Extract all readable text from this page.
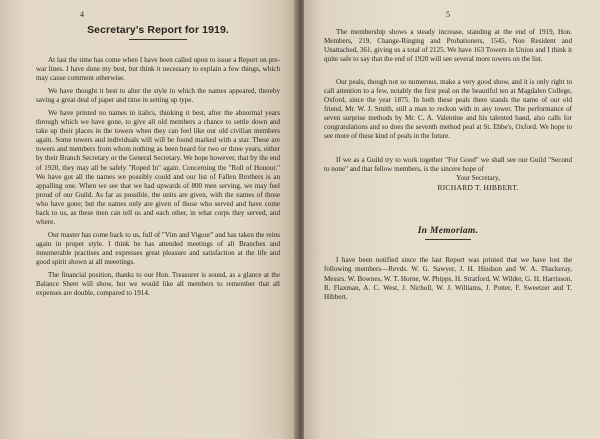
4
Secretary's Report for 1919.

At last the time has come when I have been called upon to issue a Report on pre-war lines. I have done my best, but think it necessary to explain a few things, which may cause comment otherwise.

We have thought it best to alter the style in which the names appeared, thereby saving a great deal of paper and time in setting up type.

We have printed no names in italics, thinking it best, after the abnormal years through which we have gone, to give all old members a chance to settle down and take up their places in the towers when they can feel like our old civilian members again. Some towers and individuals will will be found marked with a star. These are towers and members from whom nothing as been heard for two or three years, either by their Branch Secretary or the General Secretary. We hope however, that by the end of 1920, they may all be safely "Roped In" again. Concerning the "Roll of Honour." We have got all the names we possibly could and our list of Fallen Brothers is an appalling one. When we see that we had upwards of 800 men serving, we may feel proud of our Guild. As far as possible, the units are given, with the names of those who have gone; but the names only are given of those who served and have come back to us, as these men can tell us and each other, in what corps they served, and where.

Our master has come back to us, full of "Vim and Vigour" and has taken the reins again in proper style. I think he has attended meetings of all Branches and innumerable practises and expresses great pleasure and satisfaction at the life and good spirit shown at all meeetings.

The financial position, thanks to our Hon. Treasurer is sound, as a glance at the Balance Sheet will show, but we would like all members to remember that all expenses are double, compared to 1914.

5

The membership shows a steady increase, standing at the end of 1919, Hon. Members, 219, Change-Ringing and Probationers, 1545, Non Resident and Unattached, 361, giving us a total of 2125. We have 163 Towers in Union and I think it quite safe to say that the end of 1920 will see several more towers on the list.

Our peals, though not so numerous, make a very good show, and it is only right to call attention to a few, notably the first peal on the beautiful ten at Magdalen College, Oxford, since the year 1875. In both these peals there stands the name of our old friend, Mr. W. J. Smith, still a man to reckon with in any tower. The performance of seven surprise methods by Mr. C. A. Valentine and his talented band, also calls for congratulations and so does the seventh method peal at St. Ebbe's, Oxford. We hope to see more of these kind of peals in the future.

If we as a Guild try to work together "For Good" we shall see our Guild "Second to none" and that fellow members, is the sincere hope of

Your Secretary,
RICHARD T. HIBBERT.
In Memoriam.

I have been notified since the last Report was printed that we have lost the following members—Revds. W. G. Sawyer, J. H. Hindson and W. A. Thackeray, Messrs. W. Bownes, W. T. Horne, W. Phipps, H. Stratford, W. Wilder, G. H. Harrisson, R. Flaxman, A. C. West, J. Nicholl, W. J. Williams, J. Potter, F. Sweetzer and T. Hibbert.
